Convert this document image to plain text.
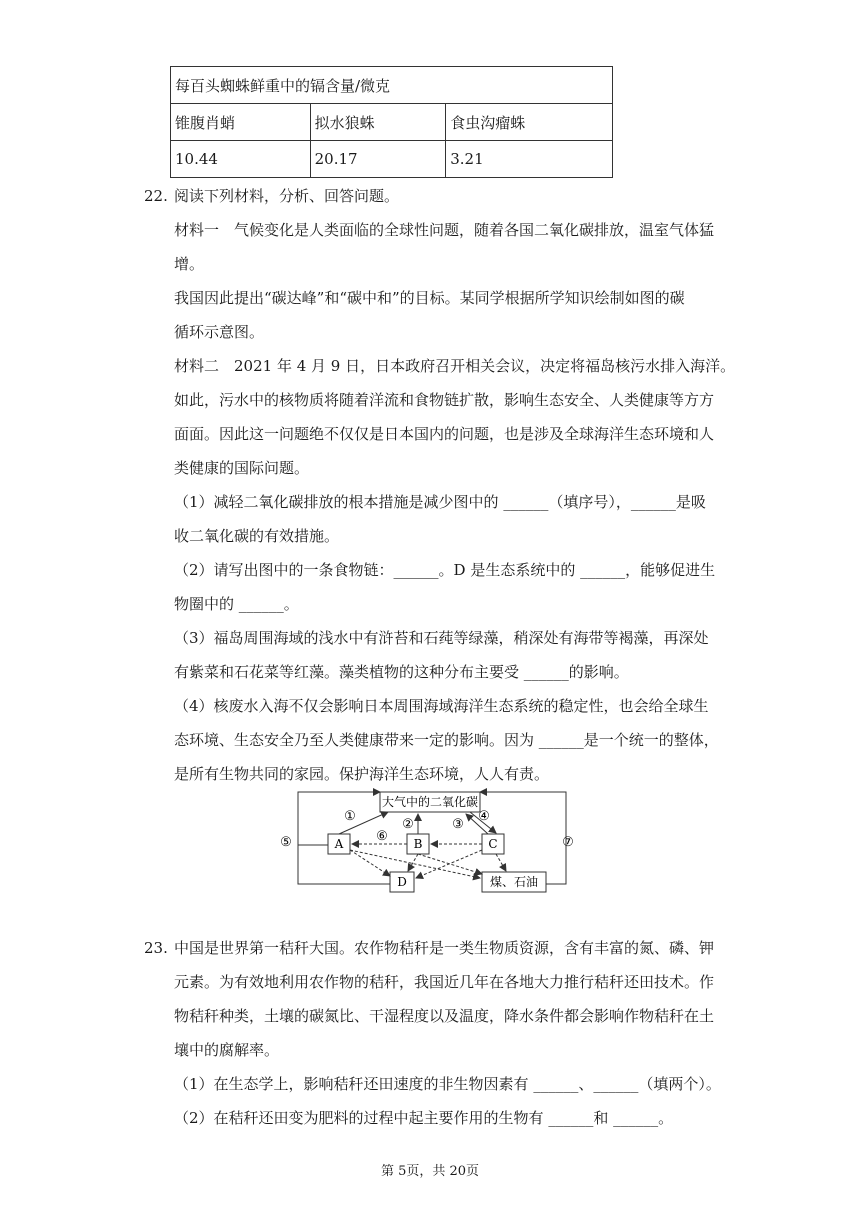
每百头蜘蛛鲜重中的镉含量/微克		
锥腹肖蛸	拟水狼蛛	食虫沟瘤蛛
10.44	20.17	3.21
22. 阅读下列材料，分析、回答问题。
材料一　气候变化是人类面临的全球性问题，随着各国二氧化碳排放，温室气体猛
增。
我国因此提出“碳达峰”和“碳中和”的目标。某同学根据所学知识绘制如图的碳
循环示意图。
材料二　2021 年 4 月 9 日，日本政府召开相关会议，决定将福岛核污水排入海洋。
如此，污水中的核物质将随着洋流和食物链扩散，影响生态安全、人类健康等方方
面面。因此这一问题绝不仅仅是日本国内的问题，也是涉及全球海洋生态环境和人
类健康的国际问题。
（1）减轻二氧化碳排放的根本措施是减少图中的 ______（填序号），______是吸
收二氧化碳的有效措施。
（2）请写出图中的一条食物链：______。D 是生态系统中的 ______，能够促进生
物圈中的 ______。
（3）福岛周围海域的浅水中有浒苔和石莼等绿藻，稍深处有海带等褐藻，再深处
有紫菜和石花菜等红藻。藻类植物的这种分布主要受 ______的影响。
（4）核废水入海不仅会影响日本周围海域海洋生态系统的稳定性，也会给全球生
态环境、生态安全乃至人类健康带来一定的影响。因为 ______是一个统一的整体，
是所有生物共同的家园。保护海洋生态环境，人人有责。
大气中的二氧化碳
A	B	C
D	煤、石油
①
②	③
④
⑤	⑥	⑦
23. 中国是世界第一秸秆大国。农作物秸秆是一类生物质资源，含有丰富的氮、磷、钾
元素。为有效地利用农作物的秸秆，我国近几年在各地大力推行秸秆还田技术。作
物秸秆种类，土壤的碳氮比、干湿程度以及温度，降水条件都会影响作物秸秆在土
壤中的腐解率。
（1）在生态学上，影响秸秆还田速度的非生物因素有 ______、______（填两个）。
（2）在秸秆还田变为肥料的过程中起主要作用的生物有 ______和 ______。
第 5页，共 20页
